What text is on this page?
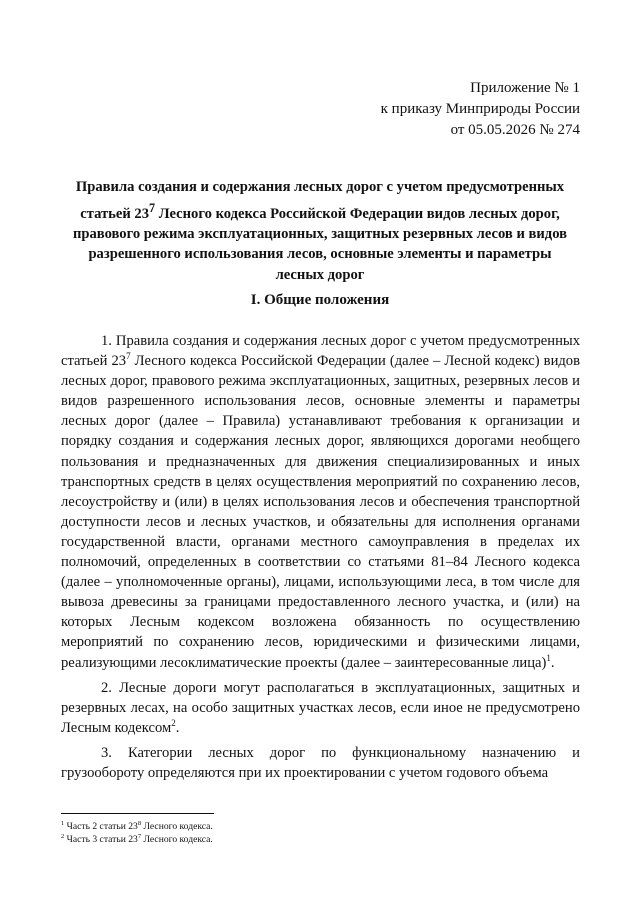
Приложение № 1
к приказу Минприроды России
от 05.05.2026 № 274
Правила создания и содержания лесных дорог с учетом предусмотренных
статьей $23^7$ Лесного кодекса Российской Федерации видов лесных дорог,
правового режима эксплуатационных, защитных резервных лесов и видов
разрешенного использования лесов, основные элементы и параметры
лесных дорог
I. Общие положения

1. Правила создания и содержания лесных дорог с учетом предусмотренных статьей $23^7$ Лесного кодекса Российской Федерации (далее – Лесной кодекс) видов лесных дорог, правового режима эксплуатационных, защитных, резервных лесов и видов разрешенного использования лесов, основные элементы и параметры лесных дорог (далее – Правила) устанавливают требования к организации и порядку создания и содержания лесных дорог, являющихся дорогами необщего пользования и предназначенных для движения специализированных и иных транспортных средств в целях осуществления мероприятий по сохранению лесов, лесоустройству и (или) в целях использования лесов и обеспечения транспортной доступности лесов и лесных участков, и обязательны для исполнения органами государственной власти, органами местного самоуправления в пределах их полномочий, определенных в соответствии со статьями 81–84 Лесного кодекса (далее – уполномоченные органы), лицами, использующими леса, в том числе для вывоза древесины за границами предоставленного лесного участка, и (или) на которых Лесным кодексом возложена обязанность по осуществлению мероприятий по сохранению лесов, юридическими и физическими лицами, реализующими лесоклиматические проекты (далее – заинтересованные лица)$^1$.

2. Лесные дороги могут располагаться в эксплуатационных, защитных и резервных лесах, на особо защитных участках лесов, если иное не предусмотрено Лесным кодексом$^2$.

3. Категории лесных дорог по функциональному назначению и грузообороту определяются при их проектировании с учетом годового объема

$^1$ Часть 2 статьи $23^8$ Лесного кодекса.
$^2$ Часть 3 статьи $23^7$ Лесного кодекса.
